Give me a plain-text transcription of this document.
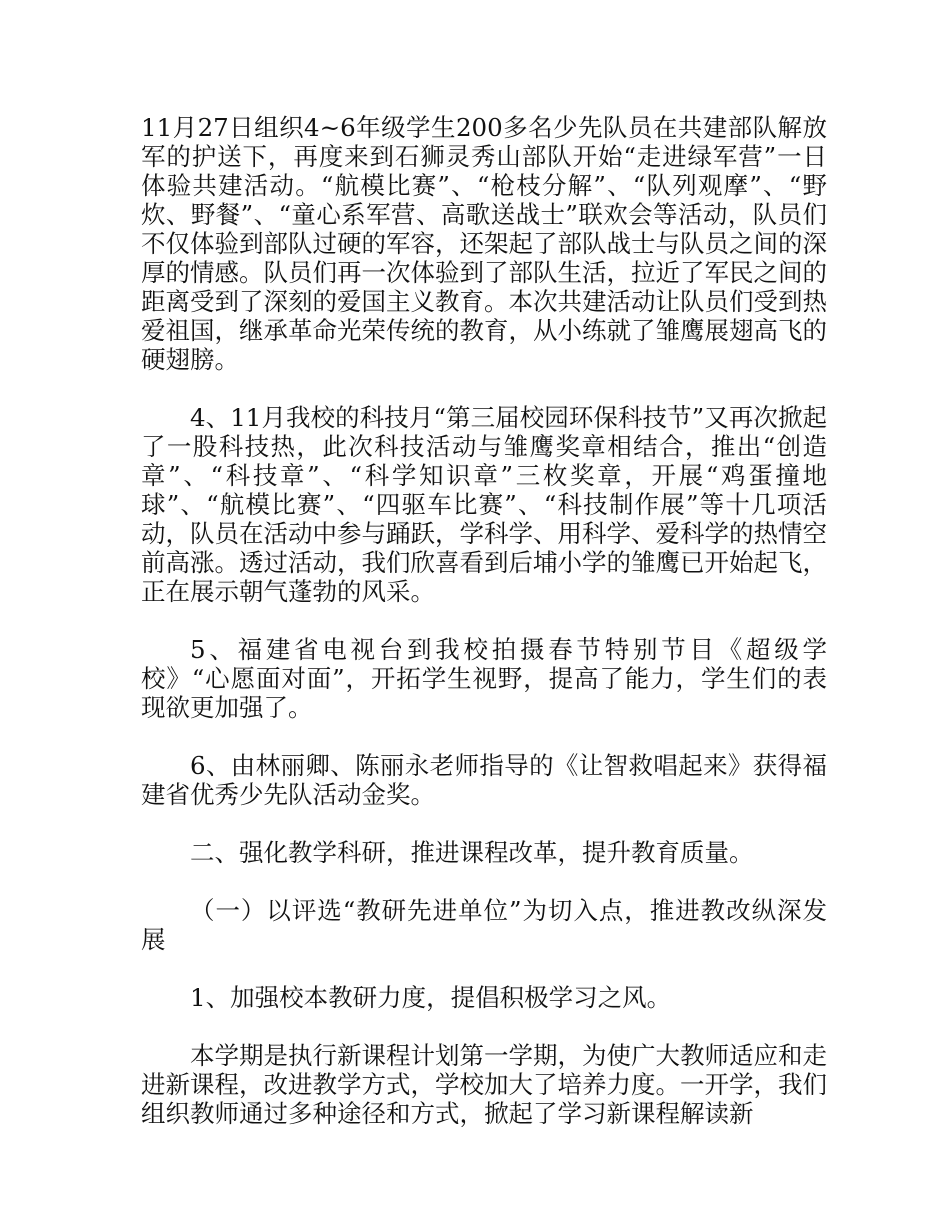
11月27日组织4~6年级学生200多名少先队员在共建部队解放军的护送下，再度来到石狮灵秀山部队开始“走进绿军营”一日体验共建活动。“航模比赛”、“枪枝分解”、“队列观摩”、“野炊、野餐”、“童心系军营、高歌送战士”联欢会等活动，队员们不仅体验到部队过硬的军容，还架起了部队战士与队员之间的深厚的情感。队员们再一次体验到了部队生活，拉近了军民之间的距离受到了深刻的爱国主义教育。本次共建活动让队员们受到热爱祖国，继承革命光荣传统的教育，从小练就了雏鹰展翅高飞的硬翅膀。

4、11月我校的科技月“第三届校园环保科技节”又再次掀起了一股科技热，此次科技活动与雏鹰奖章相结合，推出“创造章”、“科技章”、“科学知识章”三枚奖章，开展“鸡蛋撞地球”、“航模比赛”、“四驱车比赛”、“科技制作展”等十几项活动，队员在活动中参与踊跃，学科学、用科学、爱科学的热情空前高涨。透过活动，我们欣喜看到后埔小学的雏鹰已开始起飞，正在展示朝气蓬勃的风采。

5、福建省电视台到我校拍摄春节特别节目《超级学校》“心愿面对面”，开拓学生视野，提高了能力，学生们的表现欲更加强了。

6、由林丽卿、陈丽永老师指导的《让智救唱起来》获得福建省优秀少先队活动金奖。

二、强化教学科研，推进课程改革，提升教育质量。

（一）以评选“教研先进单位”为切入点，推进教改纵深发展

1、加强校本教研力度，提倡积极学习之风。

本学期是执行新课程计划第一学期，为使广大教师适应和走进新课程，改进教学方式，学校加大了培养力度。一开学，我们组织教师通过多种途径和方式，掀起了学习新课程解读新
